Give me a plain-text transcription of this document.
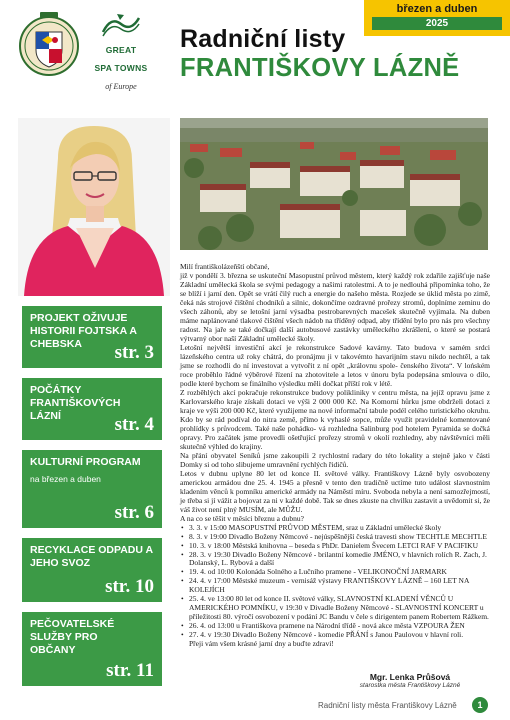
GREAT
SPA TOWNS
of Europe
březen a duben
2025
Radniční listy
FRANTIŠKOVY LÁZNĚ
PROJEKT OŽIVUJE HISTORII FOJTSKA A CHEBSKA	str. 3
POČÁTKY FRANTIŠKOVÝCH LÁZNÍ	str. 4
KULTURNÍ PROGRAM
na březen a duben
str. 6
RECYKLACE ODPADU A JEHO SVOZ
str. 10
PEČOVATELSKÉ SLUŽBY PRO OBČANY
str. 11

Milí františkolázeňští občané,

již v pondělí 3. března se uskuteční Masopustní průvod městem, který každý rok zdařile zajišťuje naše Základní umělecká škola se svými pedagogy a našimi ratolestmi. A to je nedlouhá připomínka toho, že se blíží i jarní den. Opět se vrátí čilý ruch a energie do našeho města. Rozjede se úklid města po zimě, čeká nás strojové čištění chodníků a silnic, dokončíme ozdravné prořezy stromů, doplníme zeminu do všech záhonů, aby se letošní jarní výsadba pestrobarevných macešek skutečně vyjímala. Na duben máme naplánované tlakové čištění všech nádob na tříděný odpad, aby třídění bylo pro nás pro všechny radost. Na jaře se také dočkají další autobusové zastávky uměleckého zkrášlení, o které se postará výtvarný obor naší Základní umělecké školy.

Letošní největší investiční akcí je rekonstrukce Sadové kavárny. Tato budova v samém srdci lázeňského centra už roky chátrá, do pronájmu ji v takovémto havarijním stavu nikdo nechtěl, a tak jsme se rozhodli do ní investovat a vytvořit z ní opět „královnu spole- čenského života“. V lońském roce proběhlo řádné výběrové řízení na zhotovitele a letos v únoru byla podepsána smlouva o dílo, podle které bychom se finálního výsledku měli dočkat příští rok v létě.

Z rozběhlých akcí pokračuje rekonstrukce budovy polikliniky v centru města, na jejíž opravu jsme z Karlovarského kraje získali dotaci ve výši 2 000 000 Kč. Na Komorní hůrku jsme obdrželi dotaci z kraje ve výši 200 000 Kč, které využijeme na nové informační tabule podél celého turistického okruhu. Kdo by se rád podíval do nitra země, přímo k vyhaslé sopce, může využít pravidelné komentované prohlídky s průvodcem. Také naše pohádko- vá rozhledna Salinburg pod hotelem Pyramida se dočká opravy. Pro začátek jsme provedli ošetřující prořezy stromů v okolí rozhledny, aby návštěvníci měli skutečně výhled do krajiny.

Na přání obyvatel Seníků jsme zakoupili 2 rychlostní radary do této lokality a stejně jako v části Domky si od toho slibujeme umravnění rychlých řidičů.

Letos v dubnu uplyne 80 let od konce II. světové války. Františkovy Lázně byly osvobozeny americkou armádou dne 25. 4. 1945 a přesně v tento den tradičně uctíme tuto událost slavnostním kladením věnců k pomníku americké armády na Náměstí míru. Svoboda nebyla a není samozřejmostí, je třeba si jí vážit a bojovat za ni v každé době. Tak se dnes zkuste na chvilku zastavit a uvědomit si, že váš život není plný MUSÍM, ale MŮŽU.

A na co se těšit v měsíci březnu a dubnu?

• 3. 3. v 15:00 MASOPUSTNÍ PRŮVOD MĚSTEM, sraz u Základní umělecké školy
• 8. 3. v 19:00 Divadlo Boženy Němcové - nejúspěšnější česká travesti show TECHTLE MECHTLE
• 10. 3. v 18:00 Městská knihovna – beseda s PhDr. Danielem Švecem LETCI RAF V PACIFIKU
• 28. 3. v 19:30 Divadlo Boženy Němcové - brilantní komedie JMÉNO, v hlavních rolích R. Zach, J. Dolanský, L. Rybová a další
• 19. 4. od 10:00 Kolonáda Solného a Lučního pramene - VELIKONOČNÍ JARMARK
• 24. 4. v 17:00 Městské muzeum - vernisáž výstavy FRANTIŠKOVY LÁZNĚ – 160 LET NA KOLEJÍCH
• 25. 4. ve 13:00 80 let od konce II. světové války, SLAVNOSTNÍ KLADENÍ VĚNCŮ U AMERICKÉHO POMNÍKU, v 19:30 v Divadle Boženy Němcové - SLAVNOSTNÍ KONCERT u příležitosti 80. výročí osvobození v podání JC Bandu v čele s dirigentem panem Robertem Rážkem.
• 26. 4. od 13:00 u Františkova pramene na Národní třídě - nová akce města VZPOURA ŽEN
• 27. 4. v 19:30 Divadlo Boženy Němcové - komedie PŘÁNÍ s Janou Paulovou v hlavní roli.

Přeji vám všem krásné jarní dny a buďte zdraví!

Mgr. Lenka Průšová
starostka města Františkovy Lázně
Radniční listy města Františkovy Lázně	1
